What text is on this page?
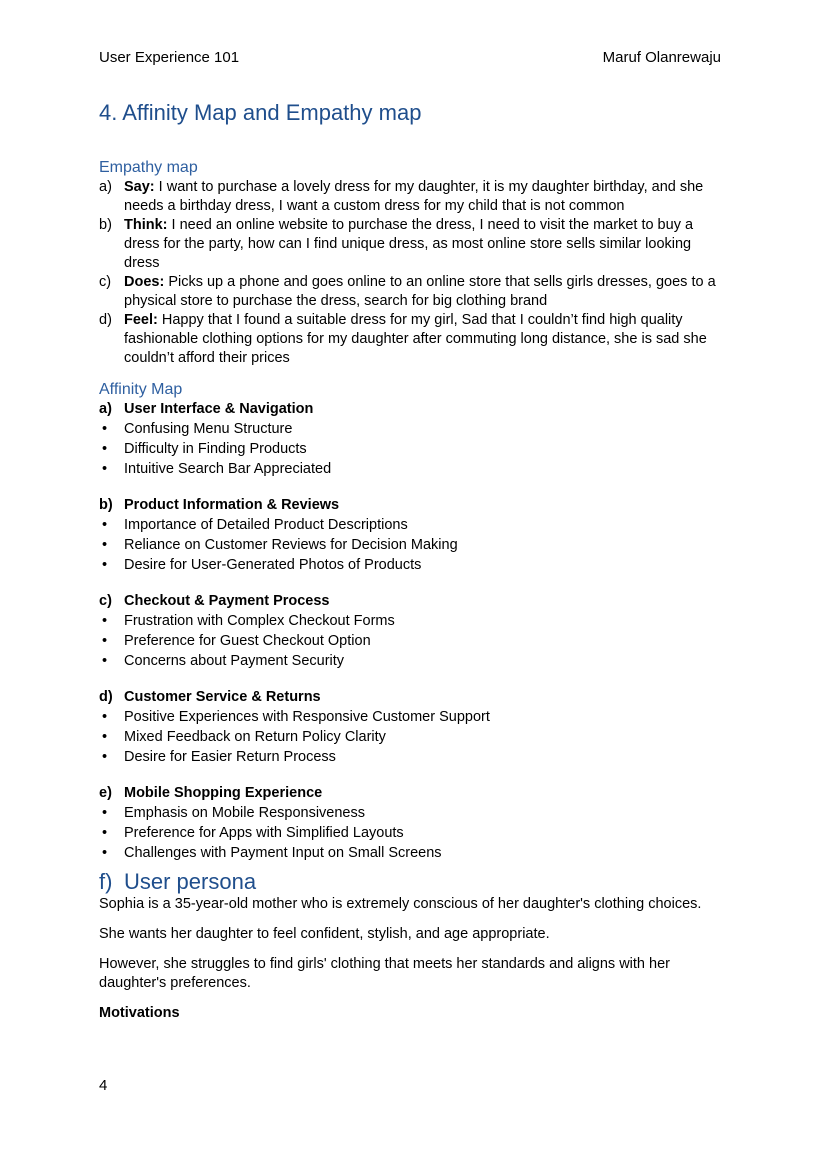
User Experience 101	Maruf Olanrewaju
4. Affinity Map and Empathy map
Empathy map
a) Say: I want to purchase a lovely dress for my daughter, it is my daughter birthday, and she needs a birthday dress, I want a custom dress for my child that is not common
b) Think: I need an online website to purchase the dress, I need to visit the market to buy a dress for the party, how can I find unique dress, as most online store sells similar looking dress
c) Does: Picks up a phone and goes online to an online store that sells girls dresses, goes to a physical store to purchase the dress, search for big clothing brand
d) Feel: Happy that I found a suitable dress for my girl, Sad that I couldn’t find high quality fashionable clothing options for my daughter after commuting long distance, she is sad she couldn’t afford their prices
Affinity Map
a) User Interface & Navigation
• Confusing Menu Structure
• Difficulty in Finding Products
• Intuitive Search Bar Appreciated
b) Product Information & Reviews
• Importance of Detailed Product Descriptions
• Reliance on Customer Reviews for Decision Making
• Desire for User-Generated Photos of Products
c) Checkout & Payment Process
• Frustration with Complex Checkout Forms
• Preference for Guest Checkout Option
• Concerns about Payment Security
d) Customer Service & Returns
• Positive Experiences with Responsive Customer Support
• Mixed Feedback on Return Policy Clarity
• Desire for Easier Return Process
e) Mobile Shopping Experience
• Emphasis on Mobile Responsiveness
• Preference for Apps with Simplified Layouts
• Challenges with Payment Input on Small Screens
f) User persona

Sophia is a 35-year-old mother who is extremely conscious of her daughter's clothing choices.

She wants her daughter to feel confident, stylish, and age appropriate.

However, she struggles to find girls' clothing that meets her standards and aligns with her daughter's preferences.

Motivations

4
